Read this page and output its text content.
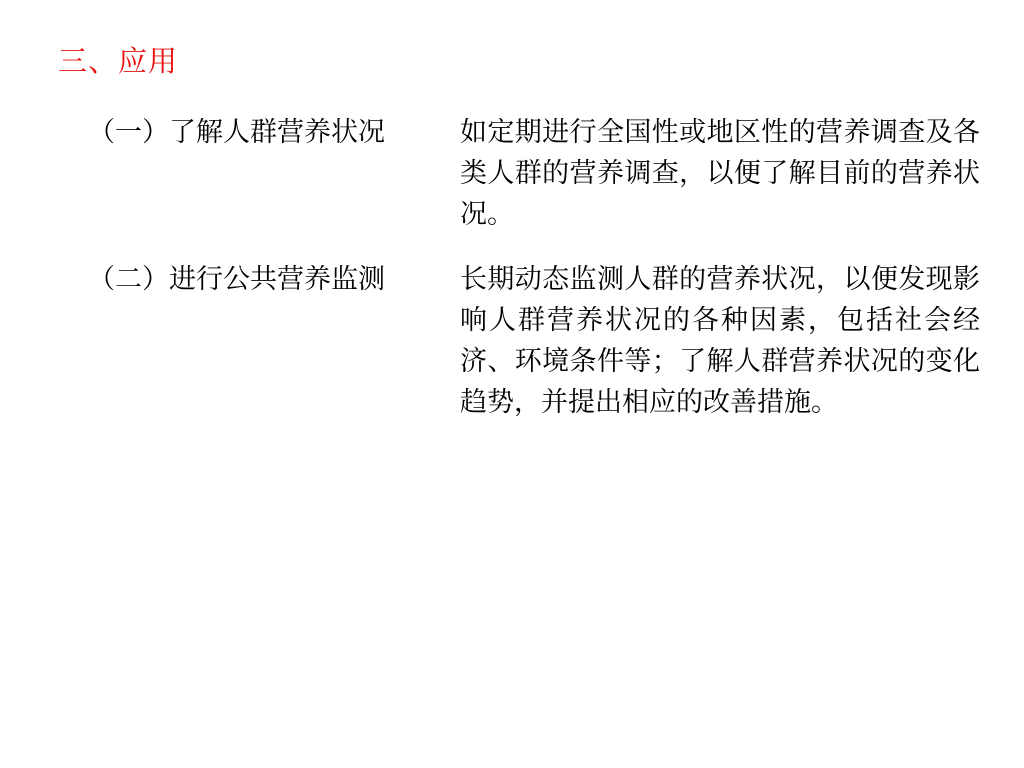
三、应用
（一）了解人群营养状况	如定期进行全国性或地区性的营养调查及各类人群的营养调查，以便了解目前的营养状况。
（二）进行公共营养监测	长期动态监测人群的营养状况，以便发现影响人群营养状况的各种因素，包括社会经济、环境条件等；了解人群营养状况的变化趋势，并提出相应的改善措施。
